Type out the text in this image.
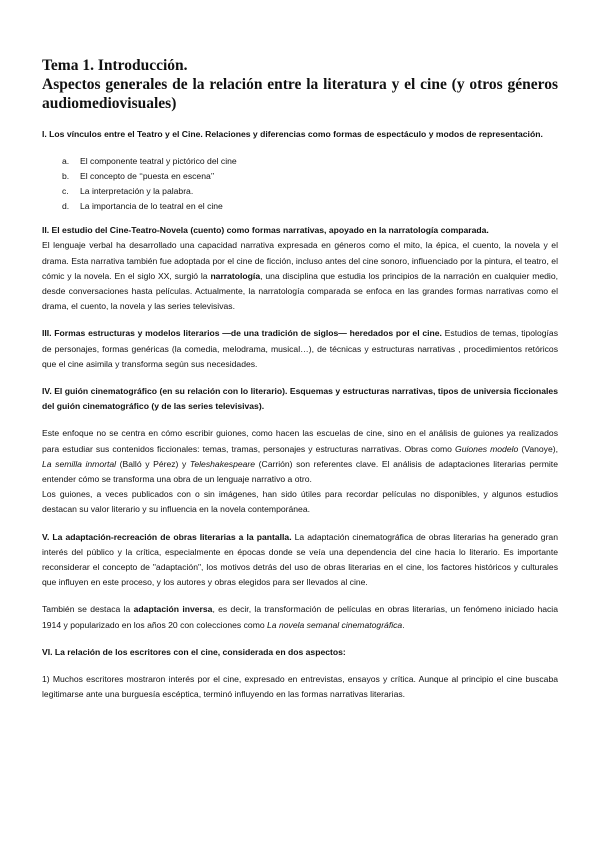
Tema 1. Introducción.
Aspectos generales de la relación entre la literatura y el cine (y otros géneros audiomediovisuales)

I. Los vínculos entre el Teatro y el Cine. Relaciones y diferencias como formas de espectáculo y modos de representación.

a.	El componente teatral y pictórico del cine
b.	El concepto de ‘‘puesta en escena’’
c.	La interpretación y la palabra.
d.	La importancia de lo teatral en el cine

II. El estudio del Cine-Teatro-Novela (cuento) como formas narrativas, apoyado en la narratología comparada.

El lenguaje verbal ha desarrollado una capacidad narrativa expresada en géneros como el mito, la épica, el cuento, la novela y el drama. Esta narrativa también fue adoptada por el cine de ficción, incluso antes del cine sonoro, influenciado por la pintura, el teatro, el cómic y la novela. En el siglo XX, surgió la narratología, una disciplina que estudia los principios de la narración en cualquier medio, desde conversaciones hasta películas. Actualmente, la narratología comparada se enfoca en las grandes formas narrativas como el drama, el cuento, la novela y las series televisivas.

III. Formas estructuras y modelos literarios —de una tradición de siglos— heredados por el cine. Estudios de temas, tipologías de personajes, formas genéricas (la comedia, melodrama, musical…), de técnicas y estructuras narrativas , procedimientos retóricos que el cine asimila y transforma según sus necesidades.

IV. El guión cinematográfico (en su relación con lo literario). Esquemas y estructuras narrativas, tipos de universia ficcionales del guión cinematográfico (y de las series televisivas).

Este enfoque no se centra en cómo escribir guiones, como hacen las escuelas de cine, sino en el análisis de guiones ya realizados para estudiar sus contenidos ficcionales: temas, tramas, personajes y estructuras narrativas. Obras como Guiones modelo (Vanoye), La semilla inmortal (Balló y Pérez) y Teleshakespeare (Carrión) son referentes clave. El análisis de adaptaciones literarias permite entender cómo se transforma una obra de un lenguaje narrativo a otro.

Los guiones, a veces publicados con o sin imágenes, han sido útiles para recordar películas no disponibles, y algunos estudios destacan su valor literario y su influencia en la novela contemporánea.

V. La adaptación-recreación de obras literarias a la pantalla. La adaptación cinematográfica de obras literarias ha generado gran interés del público y la crítica, especialmente en épocas donde se veía una dependencia del cine hacia lo literario. Es importante reconsiderar el concepto de "adaptación", los motivos detrás del uso de obras literarias en el cine, los factores históricos y culturales que influyen en este proceso, y los autores y obras elegidos para ser llevados al cine.

También se destaca la adaptación inversa, es decir, la transformación de películas en obras literarias, un fenómeno iniciado hacia 1914 y popularizado en los años 20 con colecciones como La novela semanal cinematográfica.

VI. La relación de los escritores con el cine, considerada en dos aspectos:

1) Muchos escritores mostraron interés por el cine, expresado en entrevistas, ensayos y crítica. Aunque al principio el cine buscaba legitimarse ante una burguesía escéptica, terminó influyendo en las formas narrativas literarias.
